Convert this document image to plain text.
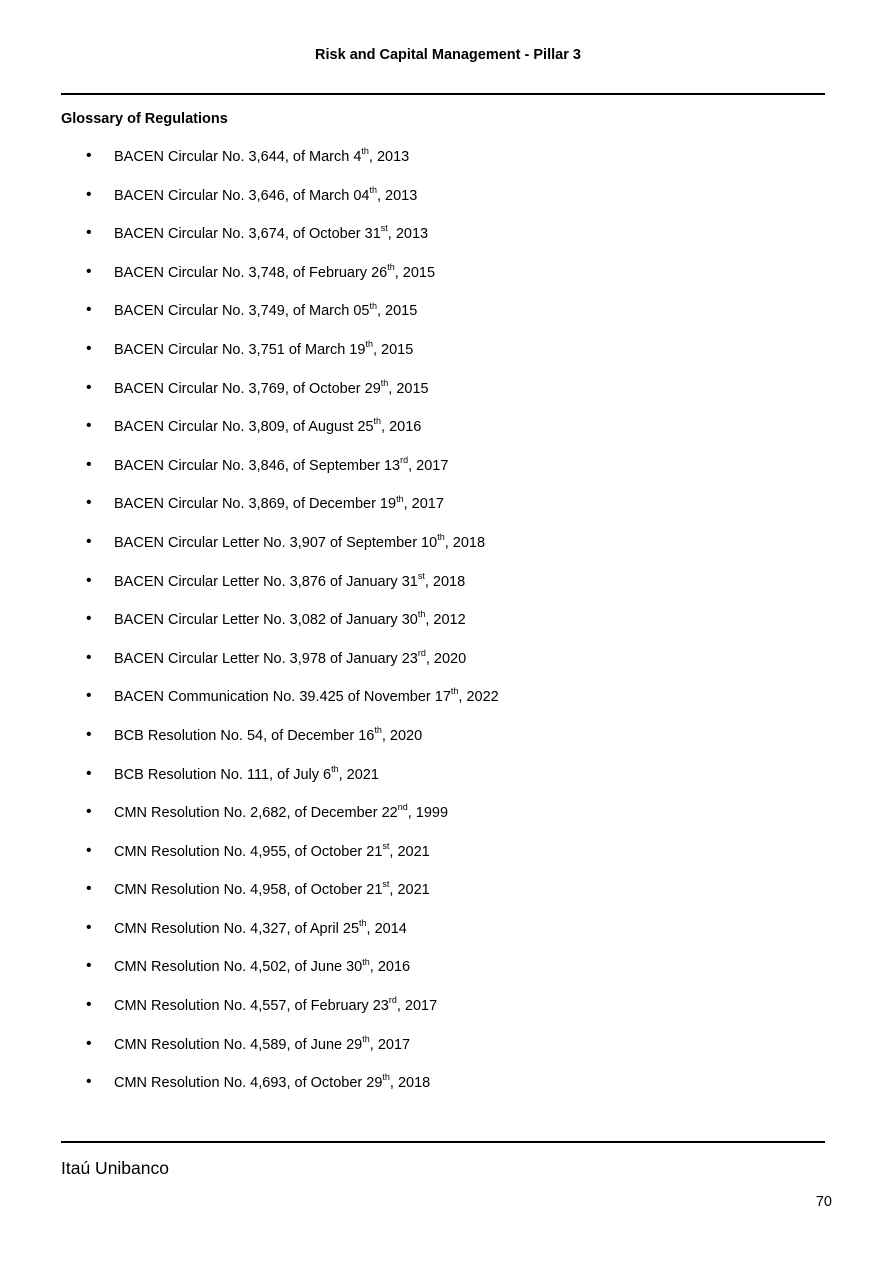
Risk and Capital Management - Pillar 3
Glossary of Regulations
• BACEN Circular No. 3,644, of March 4th, 2013
• BACEN Circular No. 3,646, of March 04th, 2013
• BACEN Circular No. 3,674, of October 31st, 2013
• BACEN Circular No. 3,748, of February 26th, 2015
• BACEN Circular No. 3,749, of March 05th, 2015
• BACEN Circular No. 3,751 of March 19th, 2015
• BACEN Circular No. 3,769, of October 29th, 2015
• BACEN Circular No. 3,809, of August 25th, 2016
• BACEN Circular No. 3,846, of September 13rd, 2017
• BACEN Circular No. 3,869, of December 19th, 2017
• BACEN Circular Letter No. 3,907 of September 10th, 2018
• BACEN Circular Letter No. 3,876 of January 31st, 2018
• BACEN Circular Letter No. 3,082 of January 30th, 2012
• BACEN Circular Letter No. 3,978 of January 23rd, 2020
• BACEN Communication No. 39.425 of November 17th, 2022
• BCB Resolution No. 54, of December 16th, 2020
• BCB Resolution No. 111, of July 6th, 2021
• CMN Resolution No. 2,682, of December 22nd, 1999
• CMN Resolution No. 4,955, of October 21st, 2021
• CMN Resolution No. 4,958, of October 21st, 2021
• CMN Resolution No. 4,327, of April 25th, 2014
• CMN Resolution No. 4,502, of June 30th, 2016
• CMN Resolution No. 4,557, of February 23rd, 2017
• CMN Resolution No. 4,589, of June 29th, 2017
• CMN Resolution No. 4,693, of October 29th, 2018
Itaú Unibanco
70
